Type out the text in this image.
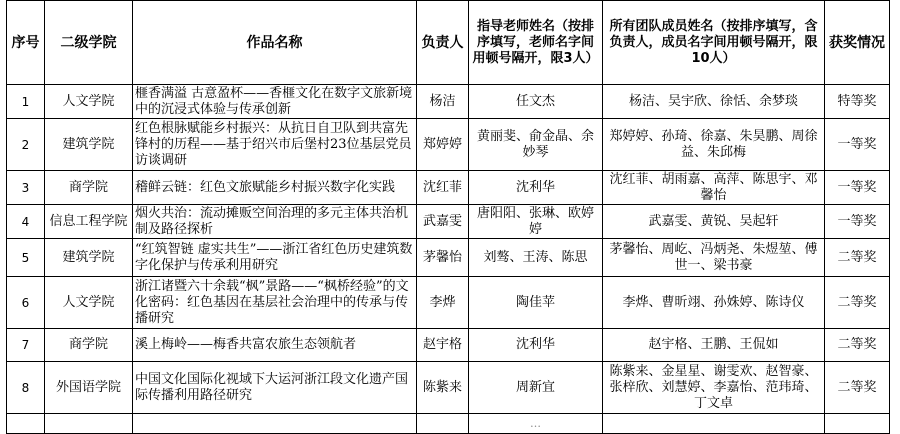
序号	二级学院	作品名称	负责人	指导老师姓名（按排序填写，老师名字间用顿号隔开，限3人）	所有团队成员姓名（按排序填写，含负责人，成员名字间用顿号隔开，限10人）	获奖情况
1	人文学院	榧香满溢 古意盈杯——香榧文化在数字文旅新境中的沉浸式体验与传承创新	杨洁	任文杰	杨洁、吴宇欣、徐恬、余梦琰	特等奖
2	建筑学院	红色根脉赋能乡村振兴：从抗日自卫队到共富先锋村的历程——基于绍兴市后堡村23位基层党员访谈调研	郑婷婷	黄丽斐、俞金晶、余妙琴	郑婷婷、孙琦、徐嘉、朱昊鹏、周徐益、朱邱梅	一等奖
3	商学院	稽鲜云链：红色文旅赋能乡村振兴数字化实践	沈红菲	沈利华	沈红菲、胡雨嘉、高萍、陈思宇、邓馨怡	一等奖
4	信息工程学院	烟火共治：流动摊贩空间治理的多元主体共治机制及路径探析	武嘉雯	唐阳阳、张琳、欧婷婷	武嘉雯、黄锐、吴起轩	一等奖
5	建筑学院	“红筑智链 虚实共生”——浙江省红色历史建筑数字化保护与传承利用研究	茅馨怡	刘骜、王涛、陈思	茅馨怡、周屹、冯炳尧、朱煜堃、傅世一、梁书豪	二等奖
6	人文学院	浙江诸暨六十余载“枫”景路——“枫桥经验”的文化密码：红色基因在基层社会治理中的传承与传播研究	李烨	陶佳苹	李烨、曹昕翊、孙姝婷、陈诗仪	二等奖
7	商学院	溪上梅岭——梅香共富农旅生态领航者	赵宇格	沈利华	赵宇格、王鹏、王侃如	二等奖
8	外国语学院	中国文化国际化视域下大运河浙江段文化遗产国际传播利用路径研究	陈紫来	周新宜	陈紫来、金星星、谢雯欢、赵智豪、张梓欣、刘慧婷、李嘉怡、范玮琦、丁文卓	二等奖
				…		
